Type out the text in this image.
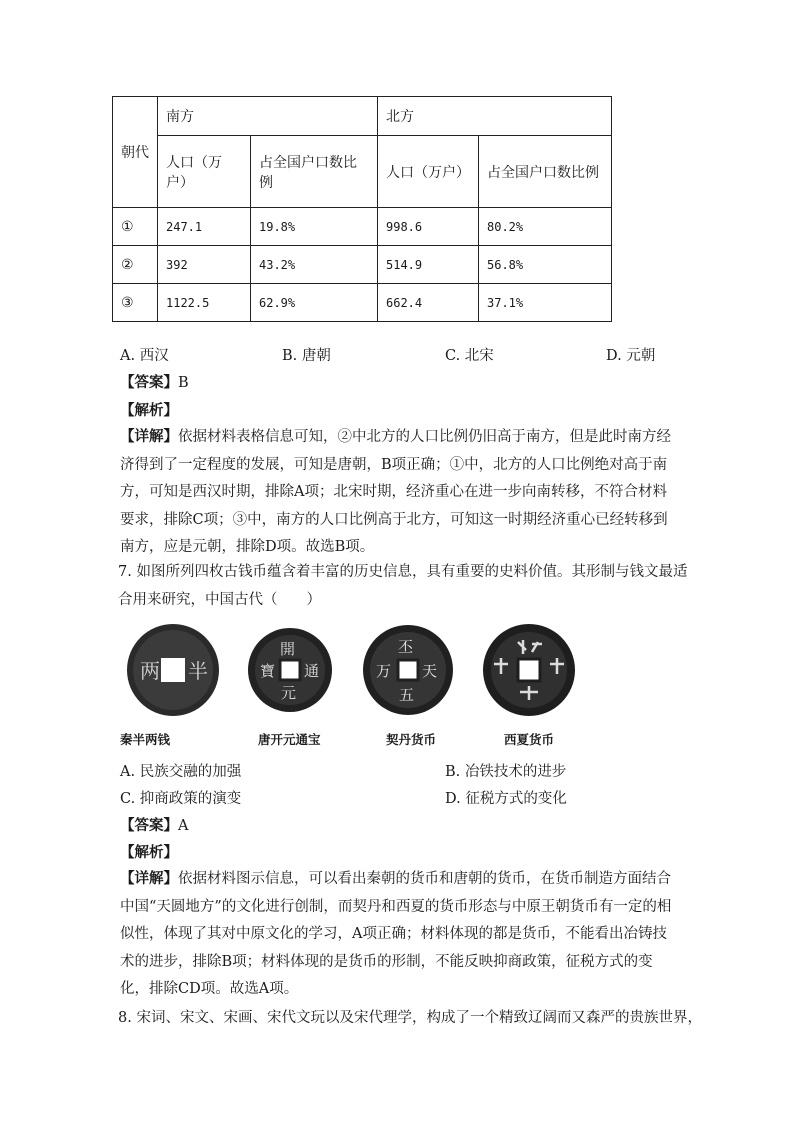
朝代	南方		北方	
	人口（万户）	占全国户口数比例	人口（万户）	占全国户口数比例
①	247.1	19.8%	998.6	80.2%
②	392	43.2%	514.9	56.8%
③	1122.5	62.9%	662.4	37.1%
A. 西汉	B. 唐朝	C. 北宋	D. 元朝
【答案】B
【解析】
【详解】依据材料表格信息可知，②中北方的人口比例仍旧高于南方，但是此时南方经济得到了一定程度的发展，可知是唐朝，B项正确；①中，北方的人口比例绝对高于南方，可知是西汉时期，排除A项；北宋时期，经济重心在进一步向南转移，不符合材料要求，排除C项；③中，南方的人口比例高于北方，可知这一时期经济重心已经转移到南方，应是元朝，排除D项。故选B项。
7. 如图所列四枚古钱币蕴含着丰富的历史信息，具有重要的史料价值。其形制与钱文最适
合用来研究，中国古代（　　）
两 半
開
元
寶 通
丕
五
万 天
秦半两钱	唐开元通宝	契丹货币	西夏货币
A. 民族交融的加强	B. 冶铁技术的进步
C. 抑商政策的演变	D. 征税方式的变化
【答案】A
【解析】
【详解】依据材料图示信息，可以看出秦朝的货币和唐朝的货币，在货币制造方面结合中国“天圆地方”的文化进行创制，而契丹和西夏的货币形态与中原王朝货币有一定的相似性，体现了其对中原文化的学习，A项正确；材料体现的都是货币，不能看出冶铸技术的进步，排除B项；材料体现的是货币的形制，不能反映抑商政策，征税方式的变化，排除CD项。故选A项。
8. 宋词、宋文、宋画、宋代文玩以及宋代理学，构成了一个精致辽阔而又森严的贵族世界，
